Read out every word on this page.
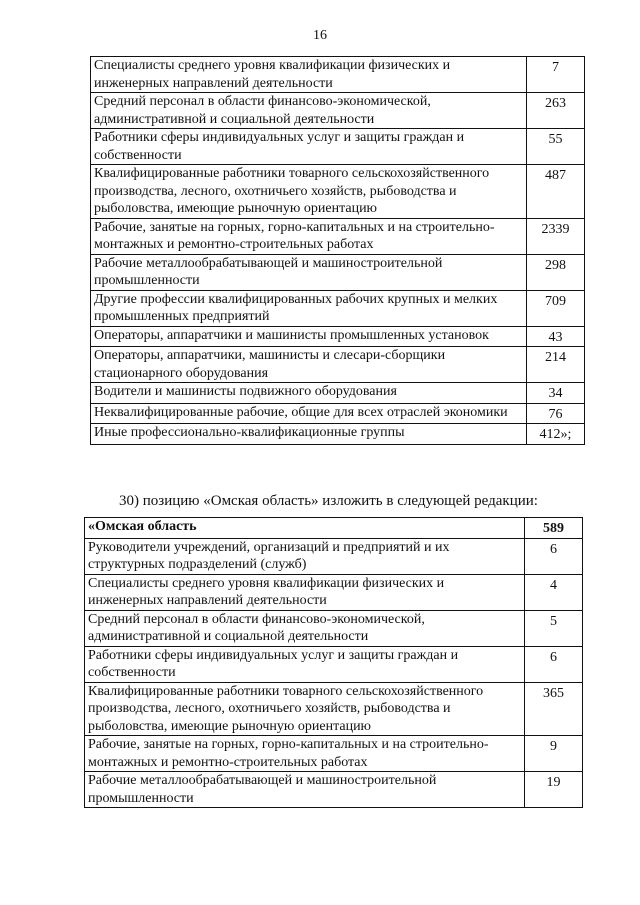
16
Специалисты среднего уровня квалификации физических и инженерных направлений деятельности	7
Средний персонал в области финансово-экономической, административной и социальной деятельности	263
Работники сферы индивидуальных услуг и защиты граждан и собственности	55
Квалифицированные работники товарного сельскохозяйственного производства, лесного, охотничьего хозяйств, рыбоводства и рыболовства, имеющие рыночную ориентацию	487
Рабочие, занятые на горных, горно-капитальных и на строительно-монтажных и ремонтно-строительных работах	2339
Рабочие металлообрабатывающей и машиностроительной промышленности	298
Другие профессии квалифицированных рабочих крупных и мелких промышленных предприятий	709
Операторы, аппаратчики и машинисты промышленных установок	43
Операторы, аппаратчики, машинисты и слесари-сборщики стационарного оборудования	214
Водители и машинисты подвижного оборудования	34
Неквалифицированные рабочие, общие для всех отраслей экономики	76
Иные профессионально-квалификационные группы	412»;
30) позицию «Омская область» изложить в следующей редакции:
«Омская область	589
Руководители учреждений, организаций и предприятий и их структурных подразделений (служб)	6
Специалисты среднего уровня квалификации физических и инженерных направлений деятельности	4
Средний персонал в области финансово-экономической, административной и социальной деятельности	5
Работники сферы индивидуальных услуг и защиты граждан и собственности	6
Квалифицированные работники товарного сельскохозяйственного производства, лесного, охотничьего хозяйств, рыбоводства и рыболовства, имеющие рыночную ориентацию	365
Рабочие, занятые на горных, горно-капитальных и на строительно-монтажных и ремонтно-строительных работах	9
Рабочие металлообрабатывающей и машиностроительной промышленности	19
